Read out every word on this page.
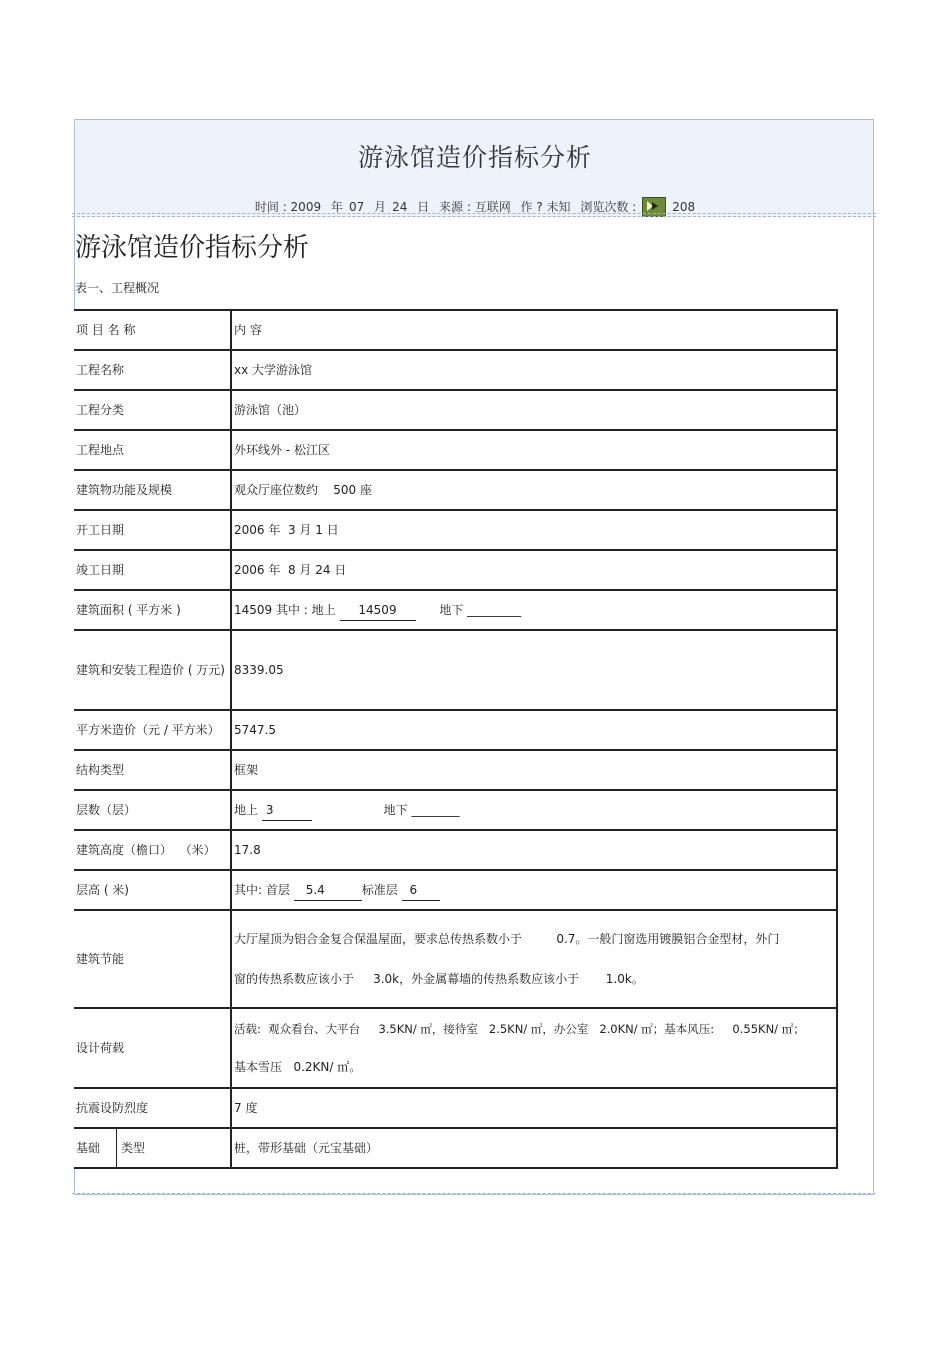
游泳馆造价指标分析
时间 : 2009 年 07 月 24 日 来源 : 互联网 作 ? 未知 浏览次数 :	208
游泳馆造价指标分析
表一、工程概况
项 目 名 称	内 容
工程名称	xx 大学游泳馆
工程分类	游泳馆（池）
工程地点	外环线外 - 松江区
建筑物功能及规模	观众厅座位数约    500 座
开工日期	2006 年  3 月 1 日
竣工日期	2006 年  8 月 24 日
建筑面积 ( 平方米 )	14509 其中 : 地上 14509 地下 _________
建筑和安装工程造价 ( 万元)	8339.05
平方米造价（元 / 平方米）	5747.5
结构类型	框架
层数（层）	地上 3 地下 ________
建筑高度（檐口）  （米）	17.8
层高 ( 米)	其中: 首层 5.4 标准层 6
建筑节能	大厅屋顶为铝合金复合保温屋面，要求总传热系数小于         0.7。一般门窗选用镀膜铝合金型材，外门
窗的传热系数应该小于     3.0k，外金属幕墙的传热系数应该小于       1.0k。

设计荷载	活载:  观众看台、大平台     3.5KN/ ㎡，接待室   2.5KN/ ㎡，办公室   2.0KN/ ㎡；基本风压:     0.55KN/ ㎡；
基本雪压   0.2KN/ ㎡。

抗震设防烈度	7 度

基础 类型	桩，带形基础（元宝基础）
